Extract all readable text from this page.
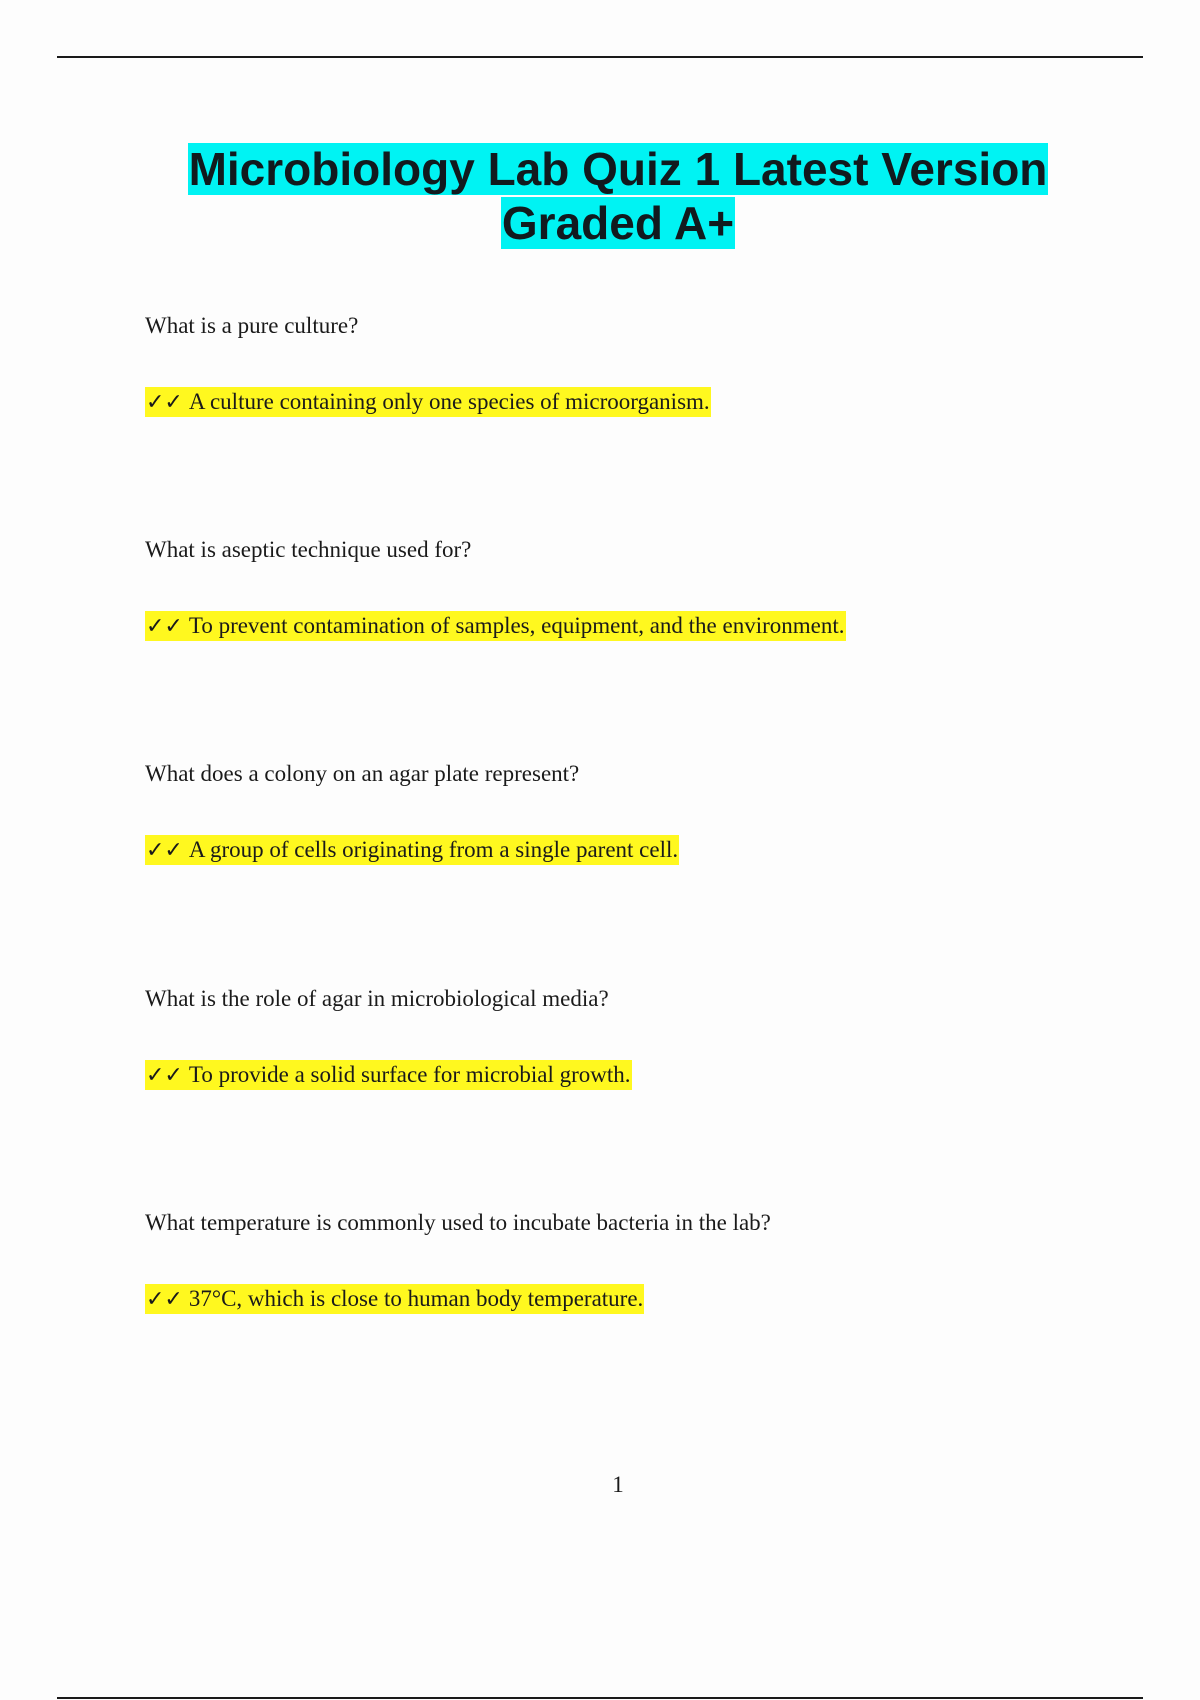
Microbiology Lab Quiz 1 Latest Version
Graded A+

What is a pure culture?

✓✓ A culture containing only one species of microorganism.

What is aseptic technique used for?

✓✓ To prevent contamination of samples, equipment, and the environment.

What does a colony on an agar plate represent?

✓✓ A group of cells originating from a single parent cell.

What is the role of agar in microbiological media?

✓✓ To provide a solid surface for microbial growth.

What temperature is commonly used to incubate bacteria in the lab?

✓✓ 37°C, which is close to human body temperature.
1
